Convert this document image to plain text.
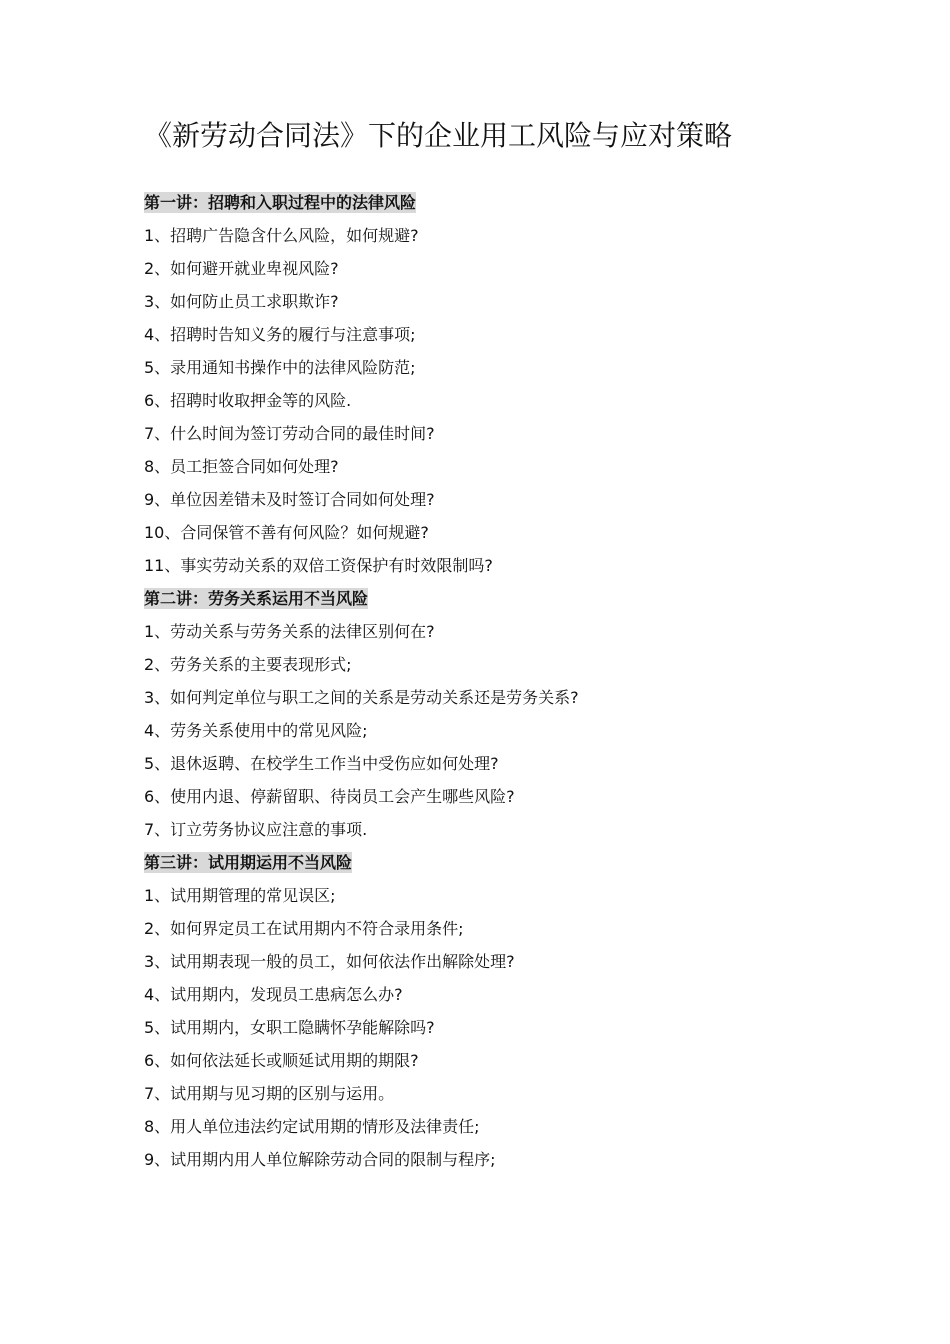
《新劳动合同法》下的企业用工风险与应对策略
第一讲：招聘和入职过程中的法律风险
1、招聘广告隐含什么风险，如何规避?
2、如何避开就业卑视风险?
3、如何防止员工求职欺诈?
4、招聘时告知义务的履行与注意事项;
5、录用通知书操作中的法律风险防范;
6、招聘时收取押金等的风险.
7、什么时间为签订劳动合同的最佳时间?
8、员工拒签合同如何处理?
9、单位因差错未及时签订合同如何处理?
10、合同保管不善有何风险？如何规避?
11、事实劳动关系的双倍工资保护有时效限制吗?
第二讲：劳务关系运用不当风险
1、劳动关系与劳务关系的法律区别何在?
2、劳务关系的主要表现形式;
3、如何判定单位与职工之间的关系是劳动关系还是劳务关系?
4、劳务关系使用中的常见风险;
5、退休返聘、在校学生工作当中受伤应如何处理?
6、使用内退、停薪留职、待岗员工会产生哪些风险?
7、订立劳务协议应注意的事项.
第三讲：试用期运用不当风险
1、试用期管理的常见误区;
2、如何界定员工在试用期内不符合录用条件;
3、试用期表现一般的员工，如何依法作出解除处理?
4、试用期内，发现员工患病怎么办?
5、试用期内，女职工隐瞒怀孕能解除吗?
6、如何依法延长或顺延试用期的期限?
7、试用期与见习期的区别与运用。
8、用人单位违法约定试用期的情形及法律责任;
9、试用期内用人单位解除劳动合同的限制与程序;
